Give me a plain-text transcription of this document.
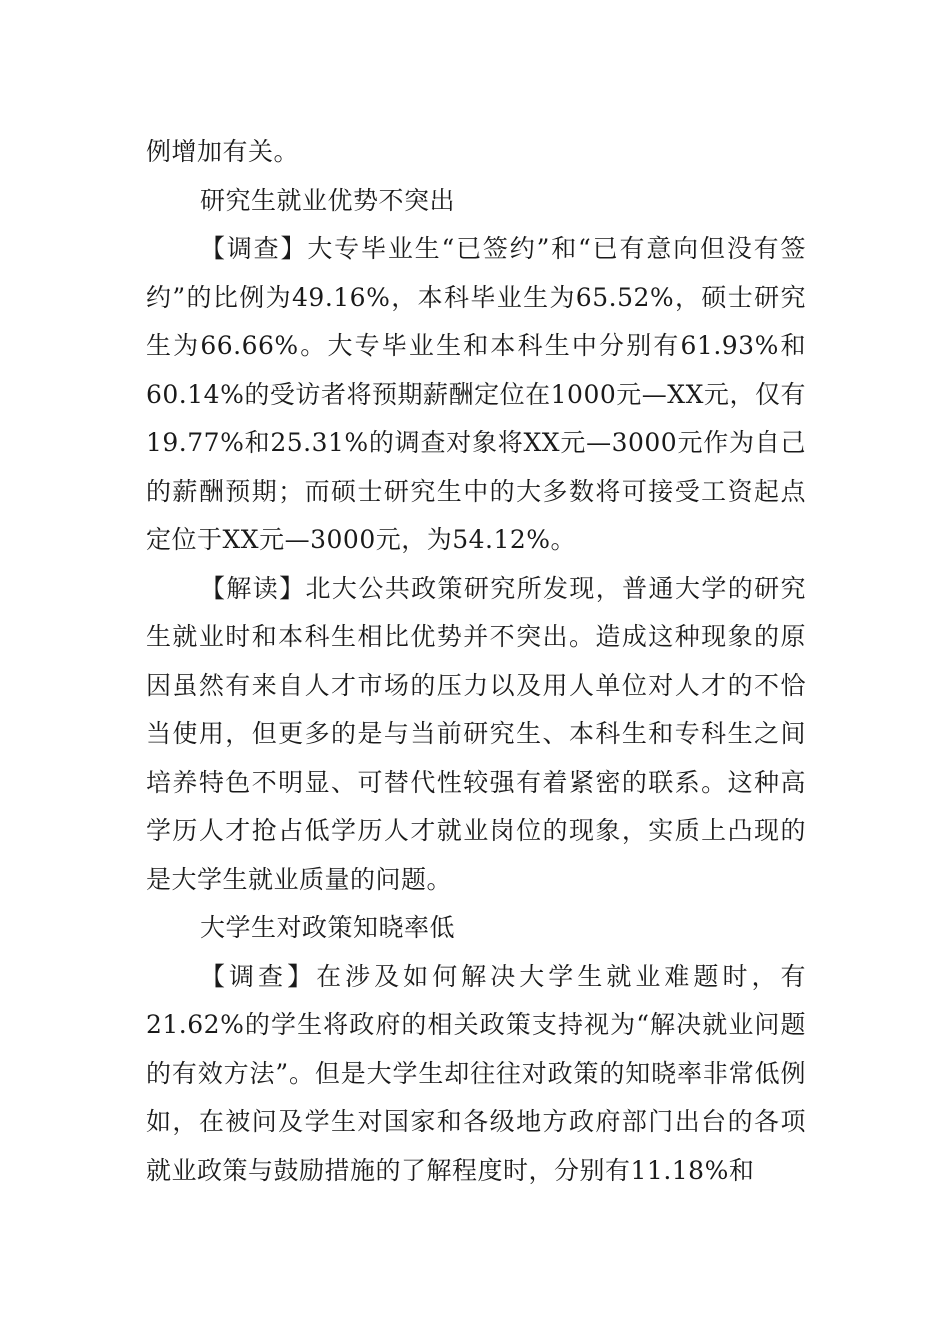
例增加有关。

研究生就业优势不突出

【调查】大专毕业生“已签约”和“已有意向但没有签约”的比例为49.16%，本科毕业生为65.52%，硕士研究生为66.66%。大专毕业生和本科生中分别有61.93%和60.14%的受访者将预期薪酬定位在1000元—XX元，仅有19.77%和25.31%的调查对象将XX元—3000元作为自己的薪酬预期；而硕士研究生中的大多数将可接受工资起点定位于XX元—3000元，为54.12%。

【解读】北大公共政策研究所发现，普通大学的研究生就业时和本科生相比优势并不突出。造成这种现象的原因虽然有来自人才市场的压力以及用人单位对人才的不恰当使用，但更多的是与当前研究生、本科生和专科生之间培养特色不明显、可替代性较强有着紧密的联系。这种高学历人才抢占低学历人才就业岗位的现象，实质上凸现的是大学生就业质量的问题。

大学生对政策知晓率低

【调查】在涉及如何解决大学生就业难题时，有21.62%的学生将政府的相关政策支持视为“解决就业问题的有效方法”。但是大学生却往往对政策的知晓率非常低例如，在被问及学生对国家和各级地方政府部门出台的各项就业政策与鼓励措施的了解程度时，分别有11.18%和
